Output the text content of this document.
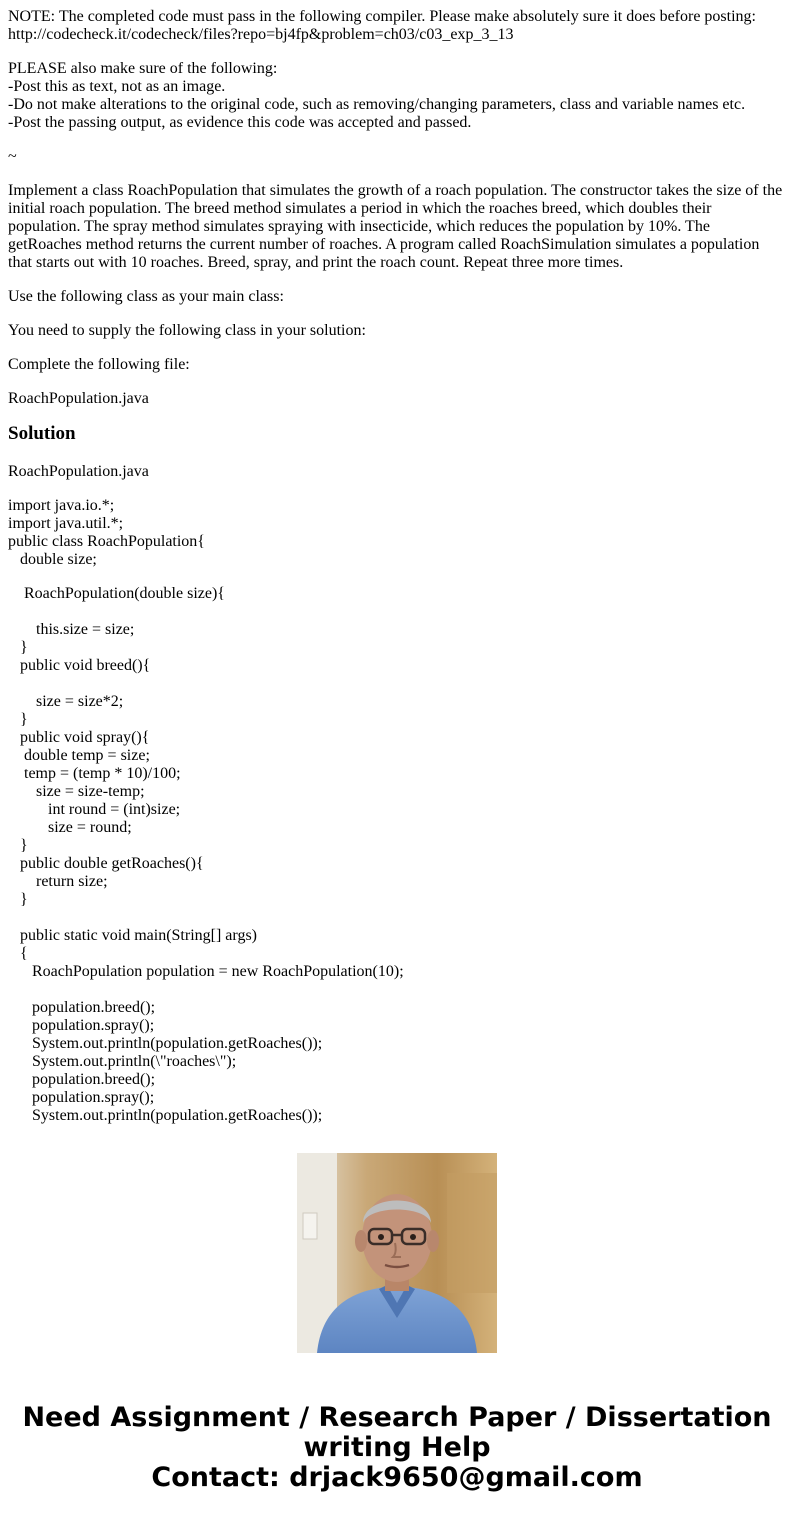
NOTE: The completed code must pass in the following compiler. Please make absolutely sure it does before posting:
http://codecheck.it/codecheck/files?repo=bj4fp&problem=ch03/c03_exp_3_13

PLEASE also make sure of the following:
-Post this as text, not as an image.
-Do not make alterations to the original code, such as removing/changing parameters, class and variable names etc.
-Post the passing output, as evidence this code was accepted and passed.

~

Implement a class RoachPopulation that simulates the growth of a roach population. The constructor takes the size of the initial roach population. The breed method simulates a period in which the roaches breed, which doubles their population. The spray method simulates spraying with insecticide, which reduces the population by 10%. The getRoaches method returns the current number of roaches. A program called RoachSimulation simulates a population that starts out with 10 roaches. Breed, spray, and print the roach count. Repeat three more times.

Use the following class as your main class:

You need to supply the following class in your solution:

Complete the following file:

RoachPopulation.java

Solution

RoachPopulation.java

import java.io.*;
import java.util.*;
public class RoachPopulation{
double size;
RoachPopulation(double size){
this.size = size;
}
public void breed(){
size = size*2;
}
public void spray(){
double temp = size;
temp = (temp * 10)/100;
size = size-temp;
int round = (int)size;
size = round;
}
public double getRoaches(){
return size;
}
public static void main(String[] args)
{
RoachPopulation population = new RoachPopulation(10);
population.breed();
population.spray();
System.out.println(population.getRoaches());
System.out.println(\"roaches\");
population.breed();
population.spray();
System.out.println(population.getRoaches());
Need Assignment / Research Paper / Dissertation
writing Help
Contact: drjack9650@gmail.com
